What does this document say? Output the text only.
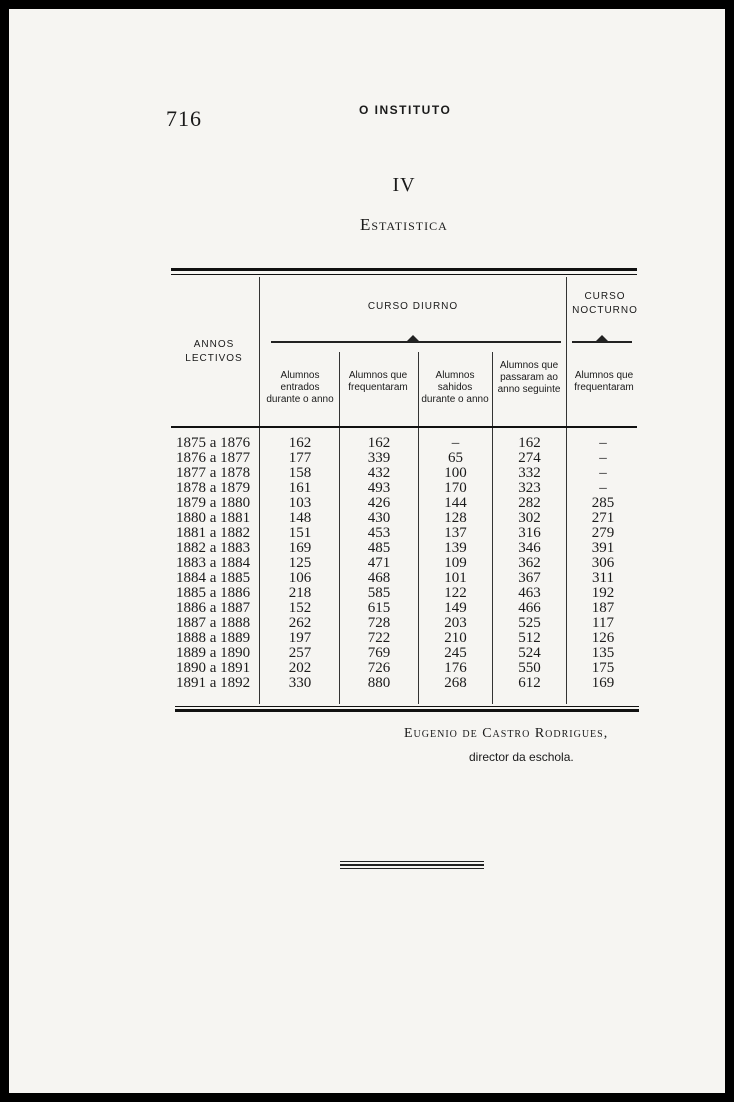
716	O INSTITUTO
IV
Estatistica
ANNOS LECTIVOS
CURSO DIURNO
CURSO NOCTURNO
Alumnos entrados durante o anno
Alumnos que frequentaram
Alumnos sahidos durante o anno
Alumnos que passaram ao anno seguinte
Alumnos que frequentaram
1875 a 1876
1876 a 1877
1877 a 1878
1878 a 1879
1879 a 1880
1880 a 1881
1881 a 1882
1882 a 1883
1883 a 1884
1884 a 1885
1885 a 1886
1886 a 1887
1887 a 1888
1888 a 1889
1889 a 1890
1890 a 1891
1891 a 1892
162
177
158
161
103
148
151
169
125
106
218
152
262
197
257
202
330
162
339
432
493
426
430
453
485
471
468
585
615
728
722
769
726
880
–
65
100
170
144
128
137
139
109
101
122
149
203
210
245
176
268
162
274
332
323
282
302
316
346
362
367
463
466
525
512
524
550
612
–
–
–
–
285
271
279
391
306
311
192
187
117
126
135
175
169
Eugenio de Castro Rodrigues,
director da eschola.
